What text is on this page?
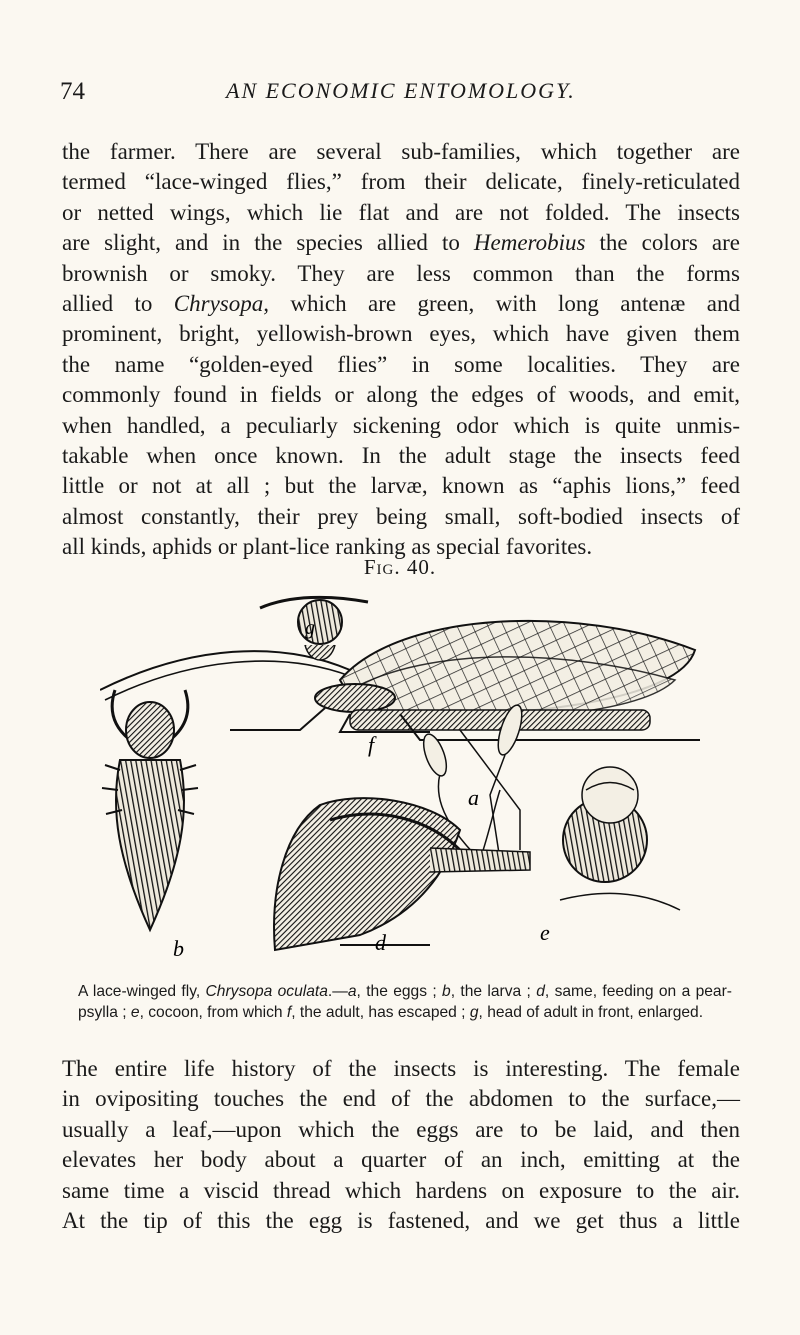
74	AN ECONOMIC ENTOMOLOGY.

the farmer. There are several sub-families, which together are
termed “lace-winged flies,” from their delicate, finely-reticulated
or netted wings, which lie flat and are not folded. The insects
are slight, and in the species allied to Hemerobius the colors are
brownish or smoky. They are less common than the forms
allied to Chrysopa, which are green, with long antenæ and
prominent, bright, yellowish-brown eyes, which have given them
the name “golden-eyed flies” in some localities. They are
commonly found in fields or along the edges of woods, and emit,
when handled, a peculiarly sickening odor which is quite unmis-
takable when once known. In the adult stage the insects feed
little or not at all ; but the larvæ, known as “aphis lions,” feed
almost constantly, their prey being small, soft-bodied insects of
all kinds, aphids or plant-lice ranking as special favorites.

Fig. 40.
g
f
b
a
d	e
A lace-winged fly, Chrysopa oculata.—a, the eggs ; b, the larva ; d, same, feeding on a pear-psylla ; e, cocoon, from which f, the adult, has escaped ; g, head of adult in front, enlarged.

The entire life history of the insects is interesting. The female
in ovipositing touches the end of the abdomen to the surface,—
usually a leaf,—upon which the eggs are to be laid, and then
elevates her body about a quarter of an inch, emitting at the
same time a viscid thread which hardens on exposure to the air.
At the tip of this the egg is fastened, and we get thus a little
